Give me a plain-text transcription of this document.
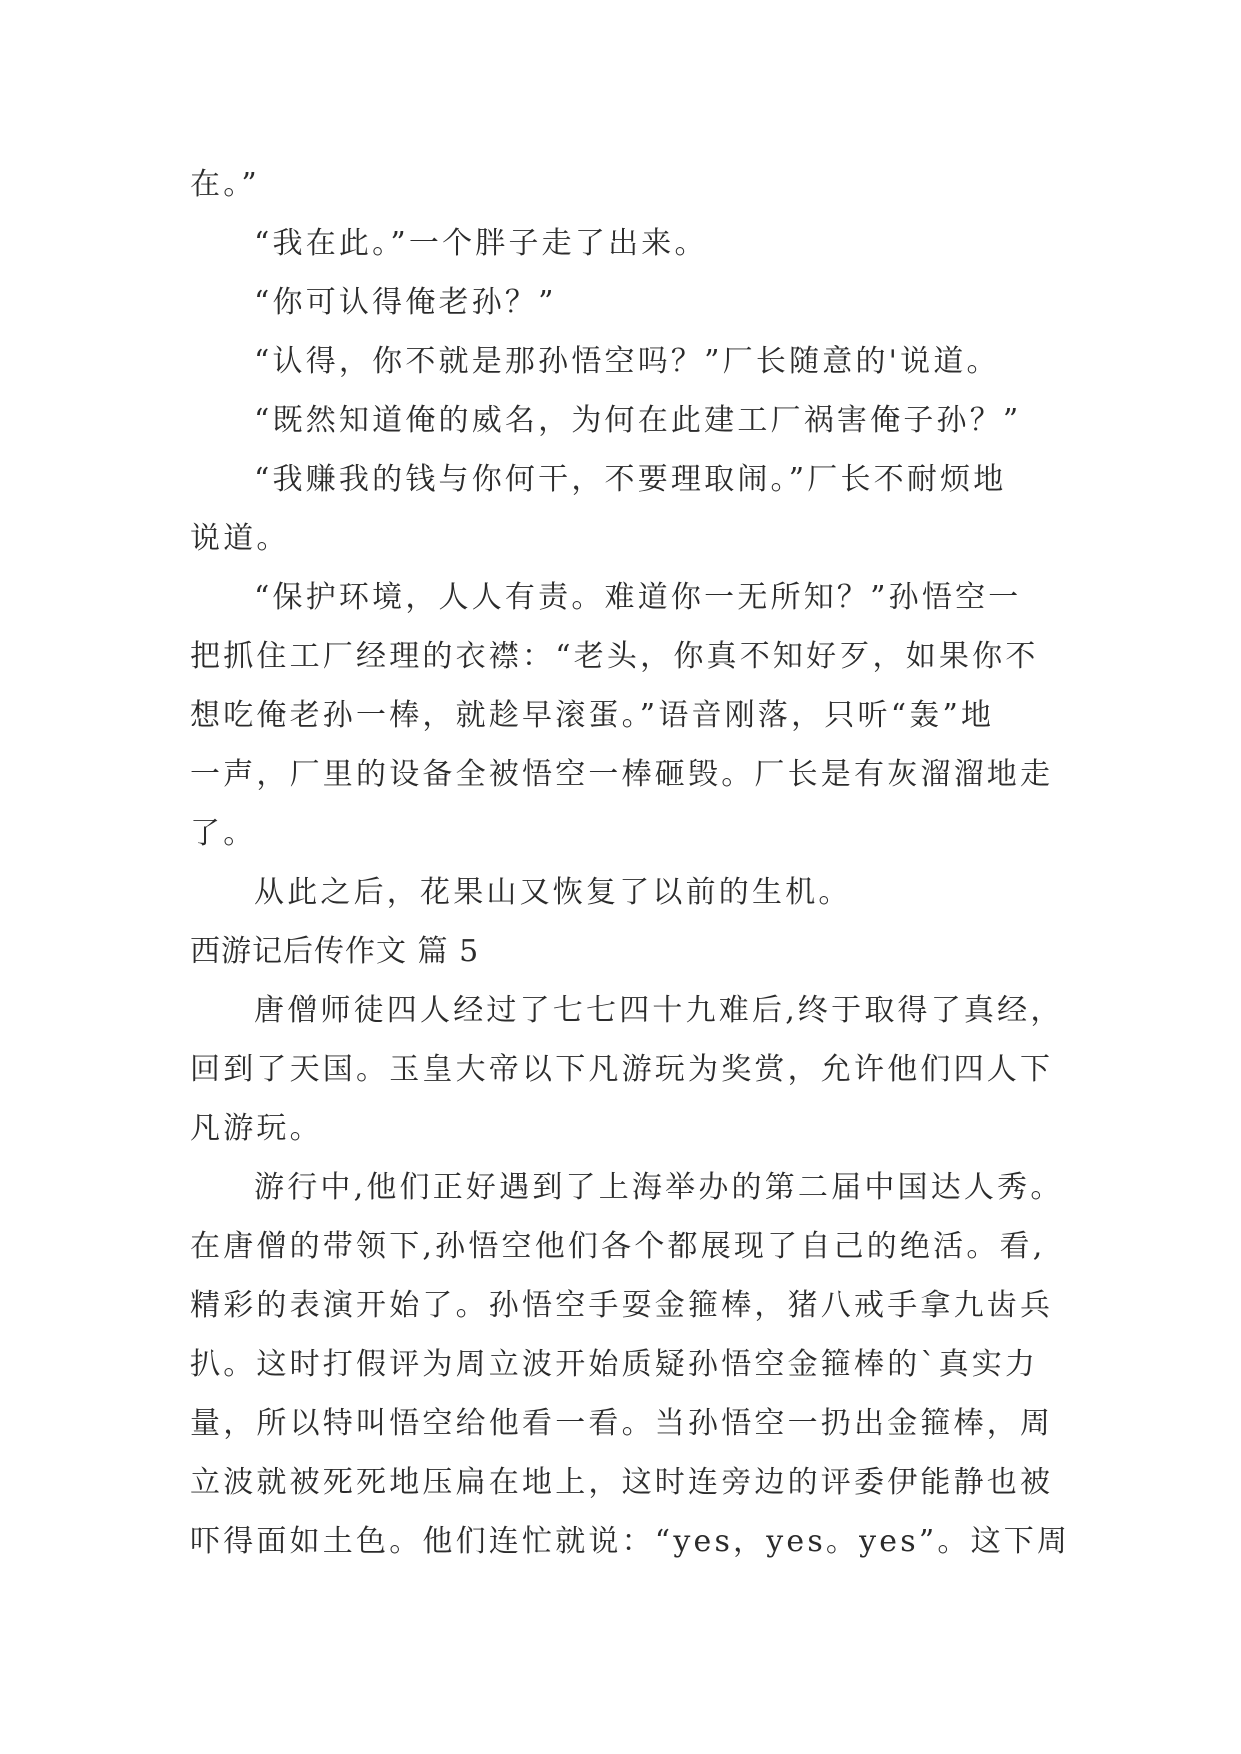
在。”
“我在此。”一个胖子走了出来。
“你可认得俺老孙？”
“认得，你不就是那孙悟空吗？”厂长随意的'说道。
“既然知道俺的威名，为何在此建工厂祸害俺子孙？”
“我赚我的钱与你何干，不要理取闹。”厂长不耐烦地
说道。
“保护环境，人人有责。难道你一无所知？”孙悟空一
把抓住工厂经理的衣襟：“老头，你真不知好歹，如果你不
想吃俺老孙一棒，就趁早滚蛋。”语音刚落，只听“轰”地
一声，厂里的设备全被悟空一棒砸毁。厂长是有灰溜溜地走
了。
从此之后，花果山又恢复了以前的生机。
西游记后传作文 篇 5
唐僧师徒四人经过了七七四十九难后,终于取得了真经，
回到了天国。玉皇大帝以下凡游玩为奖赏，允许他们四人下
凡游玩。
游行中,他们正好遇到了上海举办的第二届中国达人秀。
在唐僧的带领下,孙悟空他们各个都展现了自己的绝活。看,
精彩的表演开始了。孙悟空手耍金箍棒，猪八戒手拿九齿兵
扒。这时打假评为周立波开始质疑孙悟空金箍棒的`真实力
量，所以特叫悟空给他看一看。当孙悟空一扔出金箍棒，周
立波就被死死地压扁在地上，这时连旁边的评委伊能静也被
吓得面如土色。他们连忙就说：“yes，yes。yes”。这下周
